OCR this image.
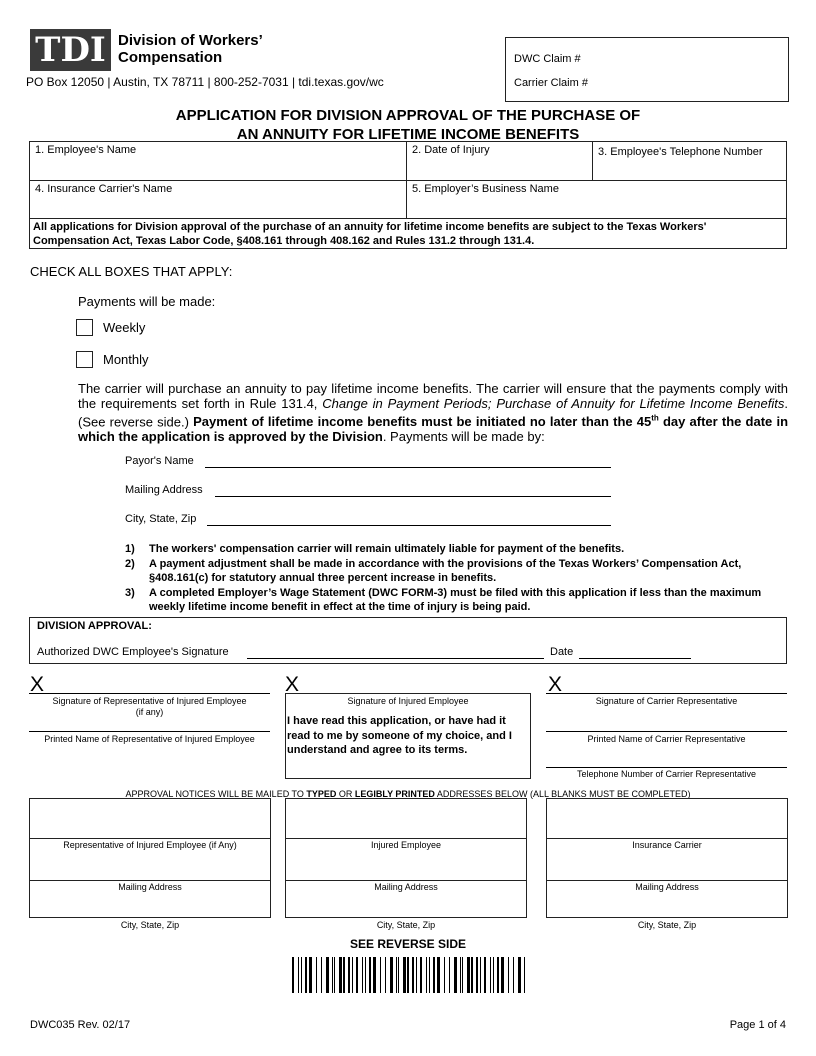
TDI Division of Workers’
Compensation
PO Box 12050 | Austin, TX 78711 | 800-252-7031 | tdi.texas.gov/wc
DWC Claim #
Carrier Claim #
APPLICATION FOR DIVISION APPROVAL OF THE PURCHASE OF
AN ANNUITY FOR LIFETIME INCOME BENEFITS
1. Employee's Name	2. Date of Injury	3. Employee's Telephone Number
4. Insurance Carrier's Name	5. Employer’s Business Name
All applications for Division approval of the purchase of an annuity for lifetime income benefits are subject to the Texas Workers' Compensation Act, Texas Labor Code, §408.161 through 408.162 and Rules 131.2 through 131.4.
CHECK ALL BOXES THAT APPLY:
Payments will be made:
Weekly
Monthly
The carrier will purchase an annuity to pay lifetime income benefits. The carrier will ensure that the payments comply with the requirements set forth in Rule 131.4, Change in Payment Periods; Purchase of Annuity for Lifetime Income Benefits. (See reverse side.) Payment of lifetime income benefits must be initiated no later than the 45th day after the date in which the application is approved by the Division. Payments will be made by:
Payor's Name
Mailing Address
City, State, Zip
1)	The workers' compensation carrier will remain ultimately liable for payment of the benefits.
2)	A payment adjustment shall be made in accordance with the provisions of the Texas Workers’ Compensation Act, §408.161(c) for statutory annual three percent increase in benefits.
3)	A completed Employer’s Wage Statement (DWC FORM-3) must be filed with this application if less than the maximum weekly lifetime income benefit in effect at the time of injury is being paid.
DIVISION APPROVAL:
Authorized DWC Employee's Signature	Date
X	X	X
Signature of Representative of Injured Employee
(if any)
Printed Name of Representative of Injured Employee
Signature of Injured Employee
I have read this application, or have had it read to me by someone of my choice, and I understand and agree to its terms.
Signature of Carrier Representative
Printed Name of Carrier Representative
Telephone Number of Carrier Representative
APPROVAL NOTICES WILL BE MAILED TO TYPED OR LEGIBLY PRINTED ADDRESSES BELOW (ALL BLANKS MUST BE COMPLETED)
Representative of Injured Employee (if Any)
Mailing Address
City, State, Zip
Injured Employee
Mailing Address
City, State, Zip
Insurance Carrier
Mailing Address
City, State, Zip
SEE REVERSE SIDE
DWC035 Rev. 02/17	Page 1 of 4
